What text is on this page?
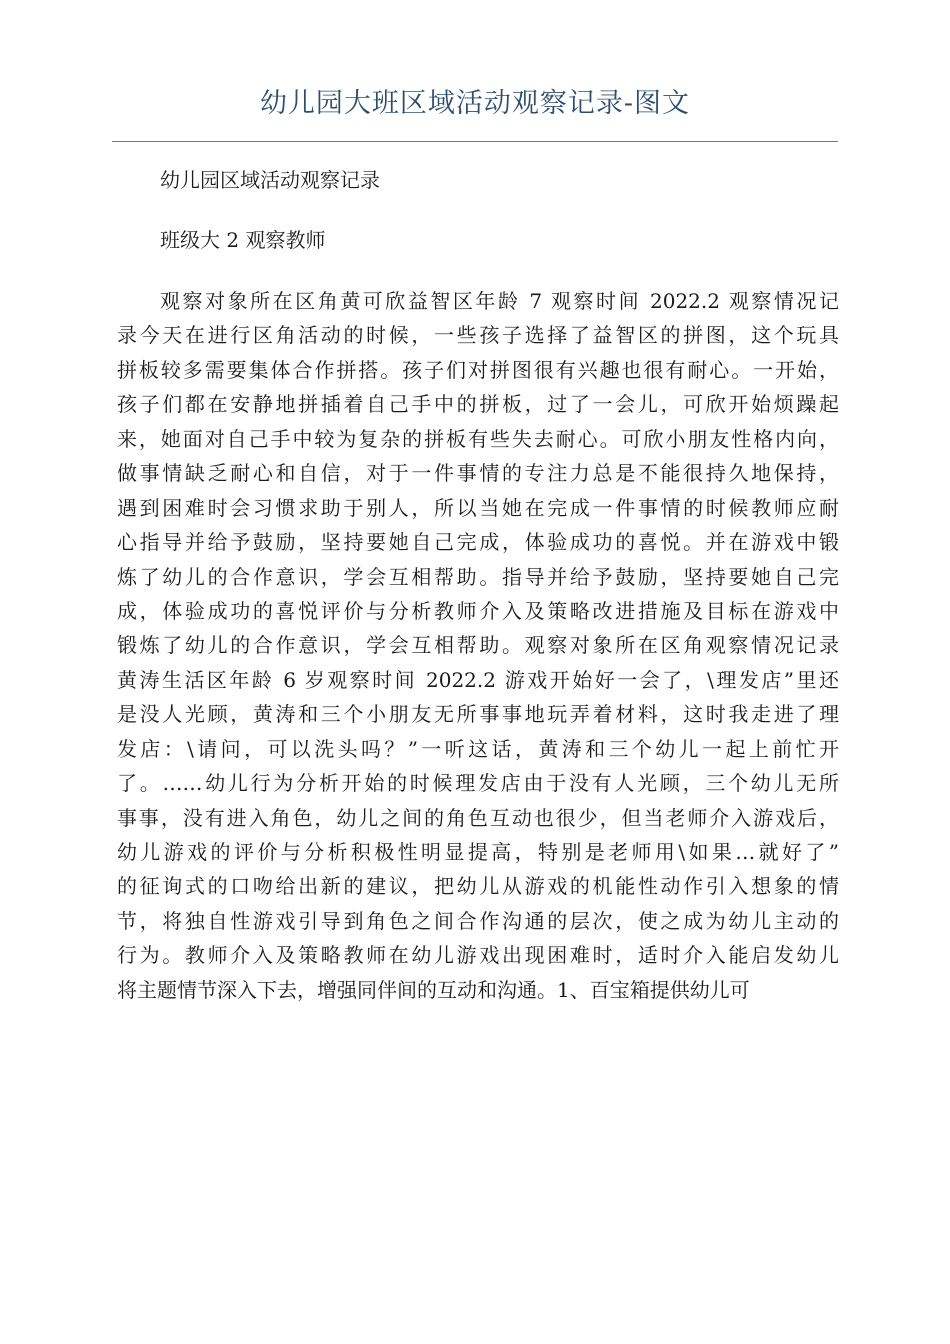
幼儿园大班区域活动观察记录-图文
幼儿园区域活动观察记录
班级大 2 观察教师
观察对象所在区角黄可欣益智区年龄 7 观察时间 2022.2 观察情况记
录今天在进行区角活动的时候，一些孩子选择了益智区的拼图，这个玩具
拼板较多需要集体合作拼搭。孩子们对拼图很有兴趣也很有耐心。一开始，
孩子们都在安静地拼插着自己手中的拼板，过了一会儿，可欣开始烦躁起
来，她面对自己手中较为复杂的拼板有些失去耐心。可欣小朋友性格内向，
做事情缺乏耐心和自信，对于一件事情的专注力总是不能很持久地保持，
遇到困难时会习惯求助于别人，所以当她在完成一件事情的时候教师应耐
心指导并给予鼓励，坚持要她自己完成，体验成功的喜悦。并在游戏中锻
炼了幼儿的合作意识，学会互相帮助。指导并给予鼓励，坚持要她自己完
成，体验成功的喜悦评价与分析教师介入及策略改进措施及目标在游戏中
锻炼了幼儿的合作意识，学会互相帮助。观察对象所在区角观察情况记录
黄涛生活区年龄 6 岁观察时间 2022.2 游戏开始好一会了，\理发店”里还
是没人光顾，黄涛和三个小朋友无所事事地玩弄着材料，这时我走进了理
发店：\请问，可以洗头吗？”一听这话，黄涛和三个幼儿一起上前忙开
了。……幼儿行为分析开始的时候理发店由于没有人光顾，三个幼儿无所
事事，没有进入角色，幼儿之间的角色互动也很少，但当老师介入游戏后，
幼儿游戏的评价与分析积极性明显提高，特别是老师用\如果…就好了”
的征询式的口吻给出新的建议，把幼儿从游戏的机能性动作引入想象的情
节，将独自性游戏引导到角色之间合作沟通的层次，使之成为幼儿主动的
行为。教师介入及策略教师在幼儿游戏出现困难时，适时介入能启发幼儿
将主题情节深入下去，增强同伴间的互动和沟通。1、百宝箱提供幼儿可
